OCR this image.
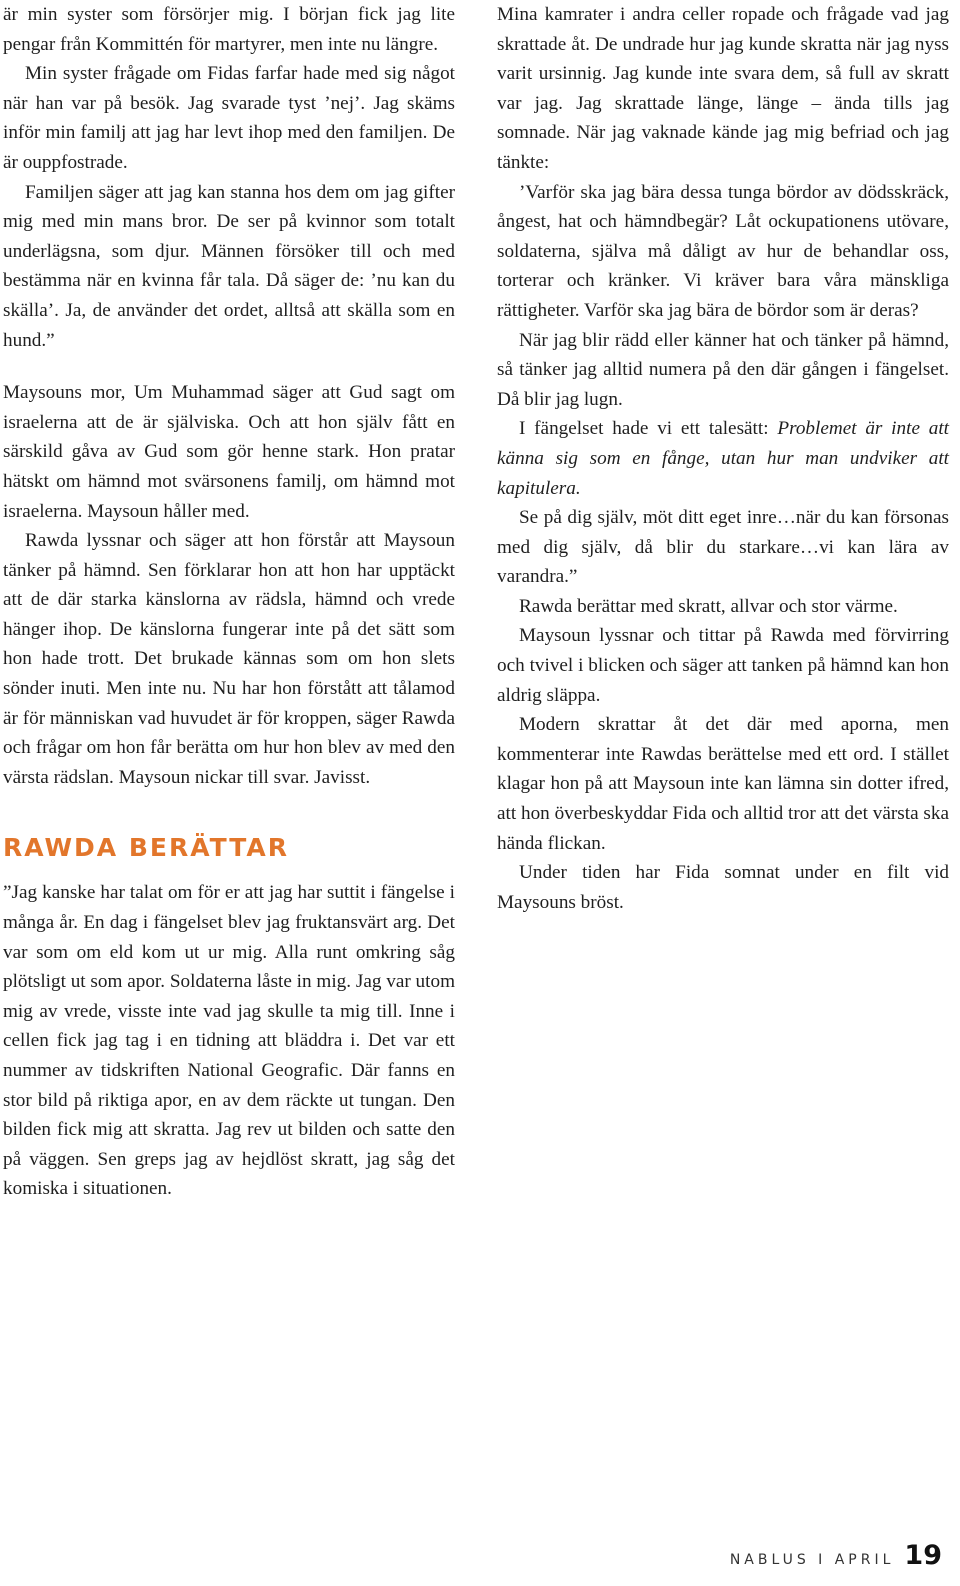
är min syster som försörjer mig. I början fick jag lite pengar från Kommittén för martyrer, men inte nu längre.

Min syster frågade om Fidas farfar hade med sig något när han var på besök. Jag svarade tyst ’nej’. Jag skäms inför min familj att jag har levt ihop med den familjen. De är ouppfostrade.

Familjen säger att jag kan stanna hos dem om jag gifter mig med min mans bror. De ser på kvinnor som totalt underlägsna, som djur. Männen försöker till och med bestämma när en kvinna får tala. Då säger de: ’nu kan du skälla’. Ja, de använder det ordet, alltså att skälla som en hund.”

Maysouns mor, Um Muhammad säger att Gud sagt om israelerna att de är själviska. Och att hon själv fått en särskild gåva av Gud som gör henne stark. Hon pratar hätskt om hämnd mot svärsonens familj, om hämnd mot israelerna. Maysoun håller med.

Rawda lyssnar och säger att hon förstår att Maysoun tänker på hämnd. Sen förklarar hon att hon har upptäckt att de där starka känslorna av rädsla, hämnd och vrede hänger ihop. De känslorna fungerar inte på det sätt som hon hade trott. Det brukade kännas som om hon slets sönder inuti. Men inte nu. Nu har hon förstått att tålamod är för människan vad huvudet är för kroppen, säger Rawda och frågar om hon får berätta om hur hon blev av med den värsta rädslan. Maysoun nickar till svar. Javisst.

RAWDA BERÄTTAR

”Jag kanske har talat om för er att jag har suttit i fängelse i många år. En dag i fängelset blev jag fruktansvärt arg. Det var som om eld kom ut ur mig. Alla runt omkring såg plötsligt ut som apor. Soldaterna låste in mig. Jag var utom mig av vrede, visste inte vad jag skulle ta mig till. Inne i cellen fick jag tag i en tidning att bläddra i. Det var ett nummer av tidskriften National Geografic. Där fanns en stor bild på riktiga apor, en av dem räckte ut tungan. Den bilden fick mig att skratta. Jag rev ut bilden och satte den på väggen. Sen greps jag av hejdlöst skratt, jag såg det komiska i situationen.

Mina kamrater i andra celler ropade och frågade vad jag skrattade åt. De undrade hur jag kunde skratta när jag nyss varit ursinnig. Jag kunde inte svara dem, så full av skratt var jag. Jag skrattade länge, länge – ända tills jag somnade. När jag vaknade kände jag mig befriad och jag tänkte:

’Varför ska jag bära dessa tunga bördor av dödsskräck, ångest, hat och hämndbegär? Låt ockupationens utövare, soldaterna, själva må dåligt av hur de behandlar oss, torterar och kränker. Vi kräver bara våra mänskliga rättigheter. Varför ska jag bära de bördor som är deras?

När jag blir rädd eller känner hat och tänker på hämnd, så tänker jag alltid numera på den där gången i fängelset. Då blir jag lugn.

I fängelset hade vi ett talesätt: Problemet är inte att känna sig som en fånge, utan hur man undviker att kapitulera.

Se på dig själv, möt ditt eget inre…när du kan försonas med dig själv, då blir du starkare…vi kan lära av varandra.”

Rawda berättar med skratt, allvar och stor värme.

Maysoun lyssnar och tittar på Rawda med förvirring och tvivel i blicken och säger att tanken på hämnd kan hon aldrig släppa.

Modern skrattar åt det där med aporna, men kommenterar inte Rawdas berättelse med ett ord. I stället klagar hon på att Maysoun inte kan lämna sin dotter ifred, att hon överbeskyddar Fida och alltid tror att det värsta ska hända flickan.

Under tiden har Fida somnat under en filt vid Maysouns bröst.

NABLUS I APRIL 19
